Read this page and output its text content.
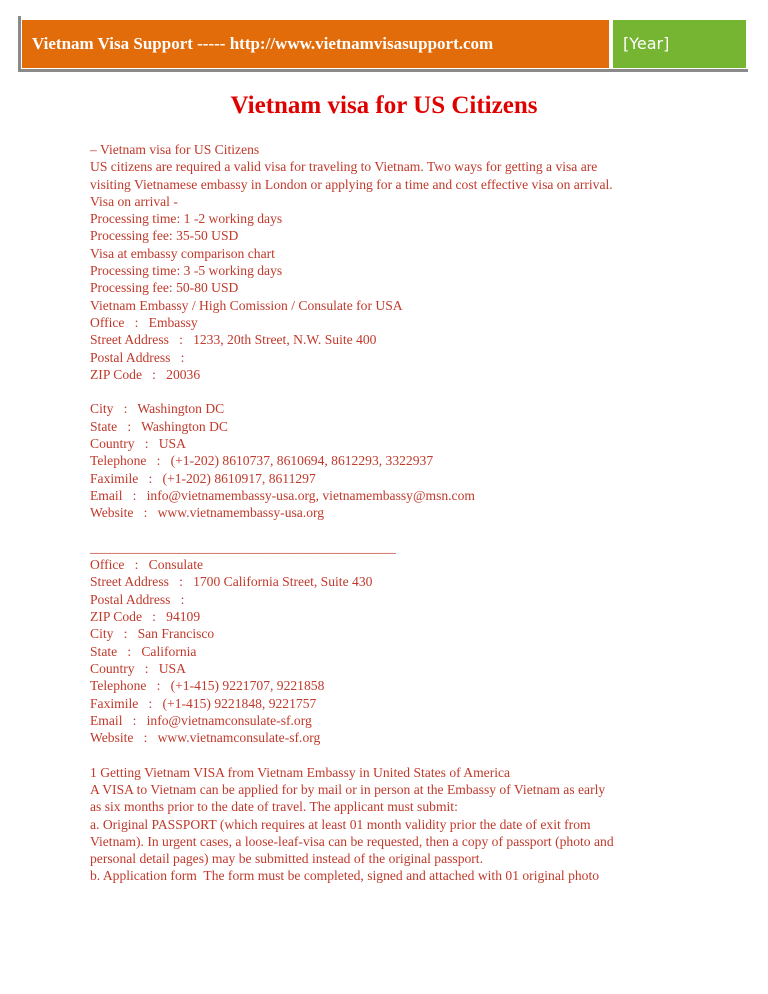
Vietnam Visa Support ----- http://www.vietnamvisasupport.com	[Year]
Vietnam visa for US Citizens
– Vietnam visa for US Citizens
US citizens are required a valid visa for traveling to Vietnam. Two ways for getting a visa are
visiting Vietnamese embassy in London or applying for a time and cost effective visa on arrival.
Visa on arrival -
Processing time: 1 -2 working days
Processing fee: 35-50 USD
Visa at embassy comparison chart
Processing time: 3 -5 working days
Processing fee: 50-80 USD
Vietnam Embassy / High Comission / Consulate for USA
Office   :   Embassy
Street Address   :   1233, 20th Street, N.W. Suite 400
Postal Address   :
ZIP Code   :   20036
City   :   Washington DC
State   :   Washington DC
Country   :   USA
Telephone   :   (+1-202) 8610737, 8610694, 8612293, 3322937
Faximile   :   (+1-202) 8610917, 8611297
Email   :   info@vietnamembassy-usa.org, vietnamembassy@msn.com
Website   :   www.vietnamembassy-usa.org
_____________________________________________
Office   :   Consulate
Street Address   :   1700 California Street, Suite 430
Postal Address   :
ZIP Code   :   94109
City   :   San Francisco
State   :   California
Country   :   USA
Telephone   :   (+1-415) 9221707, 9221858
Faximile   :   (+1-415) 9221848, 9221757
Email   :   info@vietnamconsulate-sf.org
Website   :   www.vietnamconsulate-sf.org
1 Getting Vietnam VISA from Vietnam Embassy in United States of America
A VISA to Vietnam can be applied for by mail or in person at the Embassy of Vietnam as early
as six months prior to the date of travel. The applicant must submit:
a. Original PASSPORT (which requires at least 01 month validity prior the date of exit from
Vietnam). In urgent cases, a loose-leaf-visa can be requested, then a copy of passport (photo and
personal detail pages) may be submitted instead of the original passport.
b. Application form  The form must be completed, signed and attached with 01 original photo
